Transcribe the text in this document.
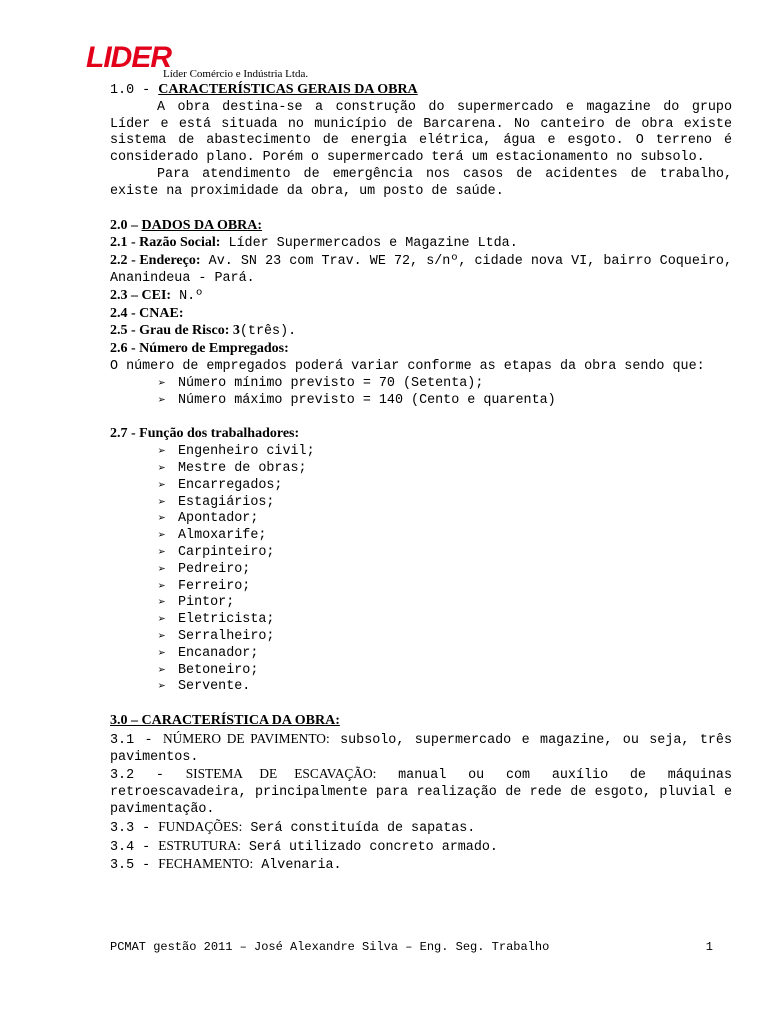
LIDER
Líder Comércio e Indústria Ltda.

1.0 - CARACTERÍSTICAS GERAIS DA OBRA

A obra destina-se a construção do supermercado e magazine do grupo Líder e está situada no município de Barcarena. No canteiro de obra existe sistema de abastecimento de energia elétrica, água e esgoto. O terreno é considerado plano. Porém o supermercado terá um estacionamento no subsolo.

Para atendimento de emergência nos casos de acidentes de trabalho, existe na proximidade da obra, um posto de saúde.

2.0 – DADOS DA OBRA:

2.1 - Razão Social: Líder Supermercados e Magazine Ltda.

2.2 - Endereço: Av. SN 23 com Trav. WE 72, s/nº, cidade nova VI, bairro Coqueiro, Ananindeua - Pará.

2.3 – CEI: N.º

2.4 - CNAE:

2.5 - Grau de Risco: 3(três).

2.6 - Número de Empregados:

O número de empregados poderá variar conforme as etapas da obra sendo que:

➢ Número mínimo previsto = 70 (Setenta);
➢ Número máximo previsto = 140 (Cento e quarenta)

2.7 - Função dos trabalhadores:

➢ Engenheiro civil;
➢ Mestre de obras;
➢ Encarregados;
➢ Estagiários;
➢ Apontador;
➢ Almoxarife;
➢ Carpinteiro;
➢ Pedreiro;
➢ Ferreiro;
➢ Pintor;
➢ Eletricista;
➢ Serralheiro;
➢ Encanador;
➢ Betoneiro;
➢ Servente.

3.0 – CARACTERÍSTICA DA OBRA:

3.1 - NÚMERO DE PAVIMENTO: subsolo, supermercado e magazine, ou seja, três pavimentos.

3.2 - SISTEMA DE ESCAVAÇÃO: manual ou com auxílio de máquinas retroescavadeira, principalmente para realização de rede de esgoto, pluvial e pavimentação.

3.3 - FUNDAÇÕES: Será constituída de sapatas.

3.4 - ESTRUTURA: Será utilizado concreto armado.

3.5 - FECHAMENTO: Alvenaria.

PCMAT gestão 2011 – José Alexandre Silva – Eng. Seg. Trabalho	1
